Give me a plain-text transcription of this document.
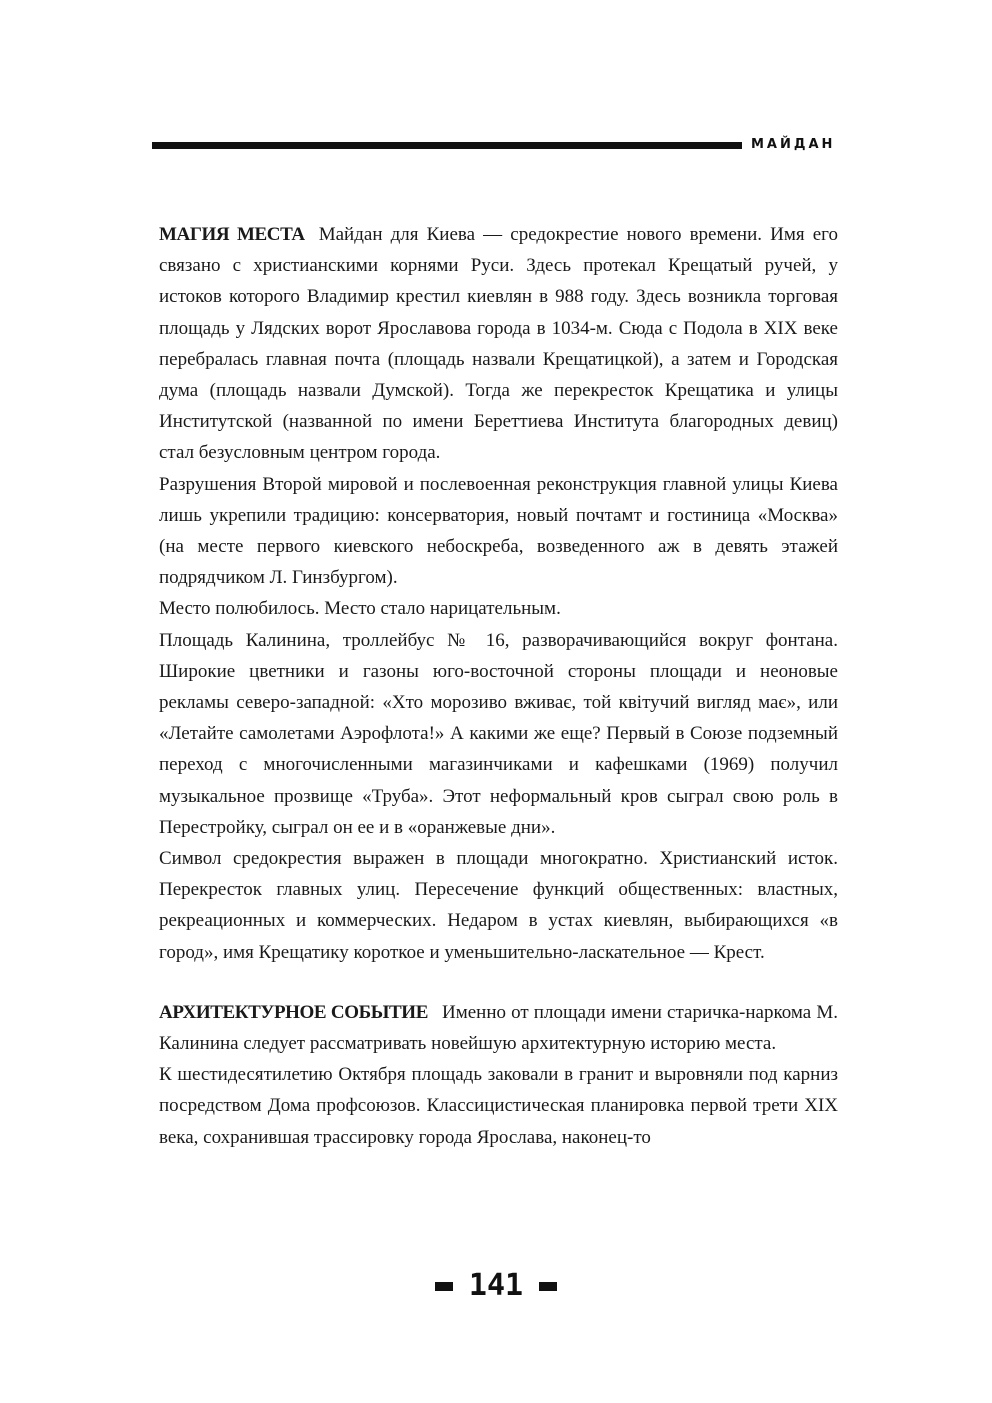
МАЙДАН

МАГИЯ МЕСТА Майдан для Киева — средокрестие нового времени. Имя его связано с христианскими корнями Руси. Здесь протекал Крещатый ручей, у истоков которого Владимир крестил киевлян в 988 году. Здесь возникла торговая площадь у Лядских ворот Ярославова города в 1034-м. Сюда с Подола в XIX веке перебралась главная почта (площадь назвали Крещатицкой), а затем и Городская дума (площадь назвали Думской). Тогда же перекресток Крещатика и улицы Институтской (названной по имени Береттиева Института благородных девиц) стал безусловным центром города.

Разрушения Второй мировой и послевоенная реконструкция главной улицы Киева лишь укрепили традицию: консерватория, новый почтамт и гостиница «Москва» (на месте первого киевского небоскреба, возведенного аж в девять этажей подрядчиком Л. Гинзбургом).

Место полюбилось. Место стало нарицательным.

Площадь Калинина, троллейбус № 16, разворачивающийся вокруг фонтана. Широкие цветники и газоны юго-восточной стороны площади и неоновые рекламы северо-западной: «Хто морозиво вживає, той квітучий вигляд має», или «Летайте самолетами Аэрофлота!» А какими же еще? Первый в Союзе подземный переход с многочисленными магазинчиками и кафешками (1969) получил музыкальное прозвище «Труба». Этот неформальный кров сыграл свою роль в Перестройку, сыграл он ее и в «оранжевые дни».

Символ средокрестия выражен в площади многократно. Христианский исток. Перекресток главных улиц. Пересечение функций общественных: властных, рекреационных и коммерческих. Недаром в устах киевлян, выбирающихся «в город», имя Крещатику короткое и уменьшительно-ласкательное — Крест.

АРХИТЕКТУРНОЕ СОБЫТИЕ Именно от площади имени старичка-наркома М. Калинина следует рассматривать новейшую архитектурную историю места.

К шестидесятилетию Октября площадь заковали в гранит и выровняли под карниз посредством Дома профсоюзов. Классицистическая планировка первой трети XIX века, сохранившая трассировку города Ярослава, наконец-то

141
